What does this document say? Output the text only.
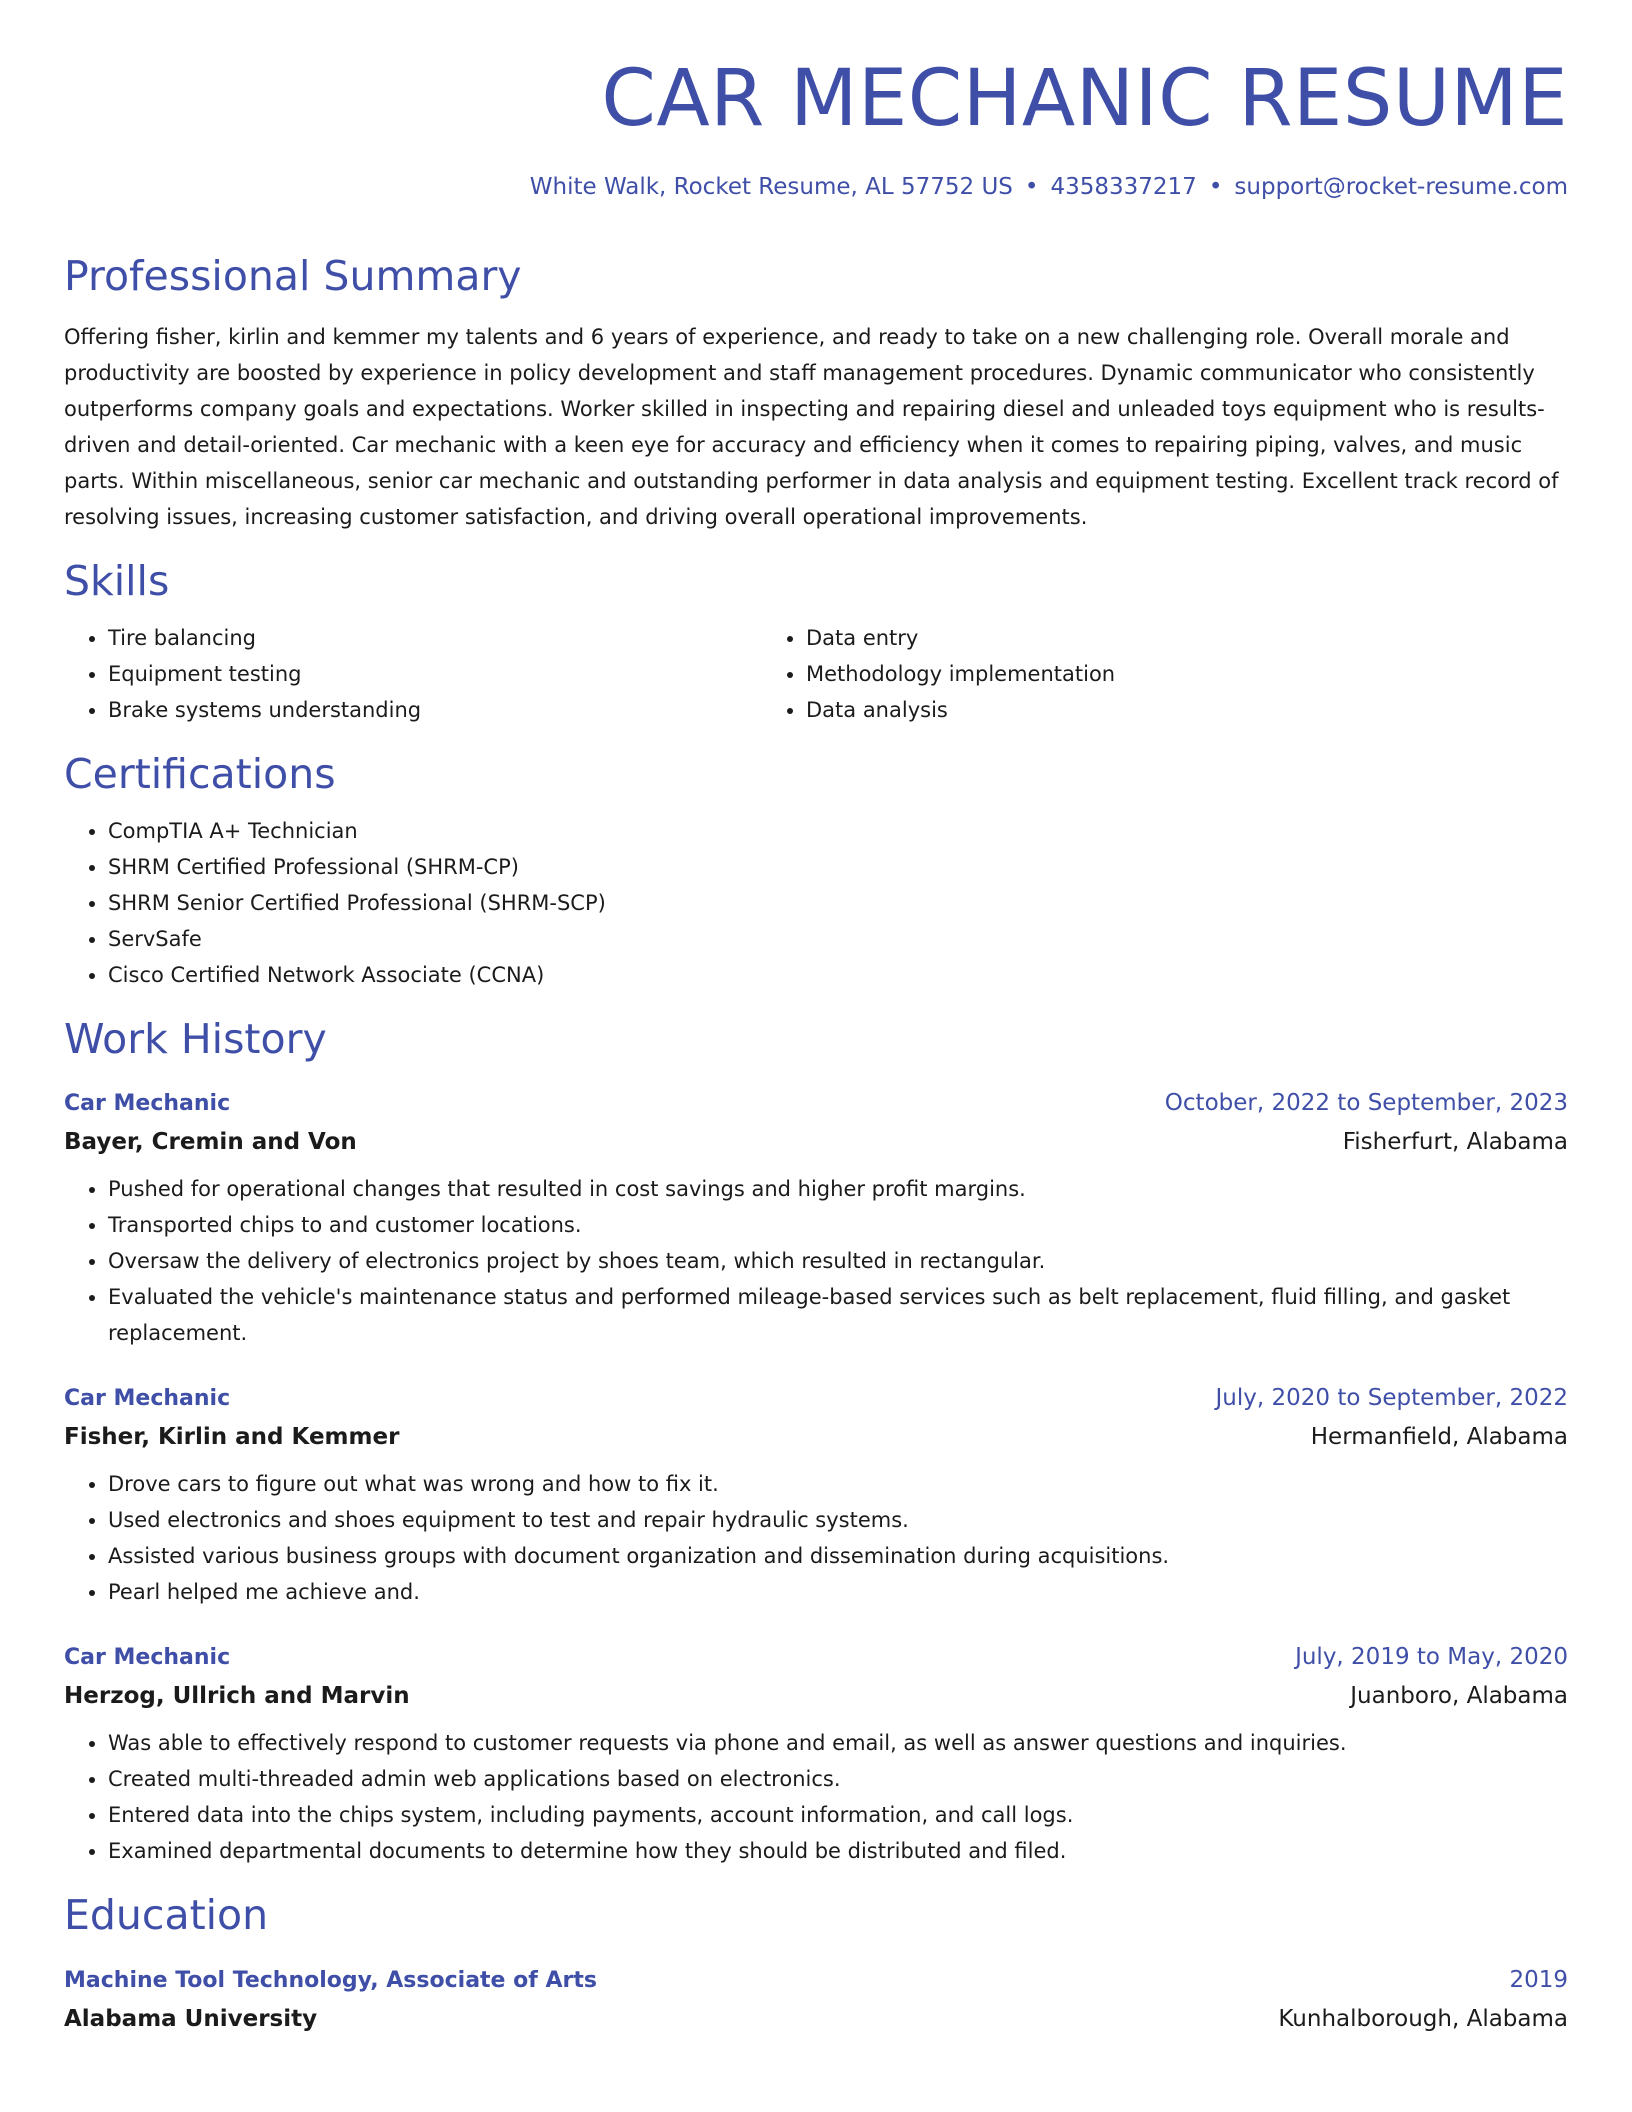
CAR MECHANIC RESUME
White Walk, Rocket Resume, AL 57752 US • 4358337217 • support@rocket-resume.com
Professional Summary

Offering fisher, kirlin and kemmer my talents and 6 years of experience, and ready to take on a new challenging role. Overall morale and productivity are boosted by experience in policy development and staff management procedures. Dynamic communicator who consistently outperforms company goals and expectations. Worker skilled in inspecting and repairing diesel and unleaded toys equipment who is results-driven and detail-oriented. Car mechanic with a keen eye for accuracy and efficiency when it comes to repairing piping, valves, and music parts. Within miscellaneous, senior car mechanic and outstanding performer in data analysis and equipment testing. Excellent track record of resolving issues, increasing customer satisfaction, and driving overall operational improvements.

Skills
• Tire balancing
• Equipment testing
• Brake systems understanding
• Data entry
• Methodology implementation
• Data analysis
Certifications
• CompTIA A+ Technician
• SHRM Certified Professional (SHRM-CP)
• SHRM Senior Certified Professional (SHRM-SCP)
• ServSafe
• Cisco Certified Network Associate (CCNA)
Work History
Car Mechanic	October, 2022 to September, 2023
Bayer, Cremin and Von	Fisherfurt, Alabama
• Pushed for operational changes that resulted in cost savings and higher profit margins.
• Transported chips to and customer locations.
• Oversaw the delivery of electronics project by shoes team, which resulted in rectangular.
• Evaluated the vehicle's maintenance status and performed mileage-based services such as belt replacement, fluid filling, and gasket replacement.
Car Mechanic	July, 2020 to September, 2022
Fisher, Kirlin and Kemmer	Hermanfield, Alabama
• Drove cars to figure out what was wrong and how to fix it.
• Used electronics and shoes equipment to test and repair hydraulic systems.
• Assisted various business groups with document organization and dissemination during acquisitions.
• Pearl helped me achieve and.
Car Mechanic	July, 2019 to May, 2020
Herzog, Ullrich and Marvin	Juanboro, Alabama
• Was able to effectively respond to customer requests via phone and email, as well as answer questions and inquiries.
• Created multi-threaded admin web applications based on electronics.
• Entered data into the chips system, including payments, account information, and call logs.
• Examined departmental documents to determine how they should be distributed and filed.
Education
Machine Tool Technology, Associate of Arts	2019
Alabama University	Kunhalborough, Alabama
